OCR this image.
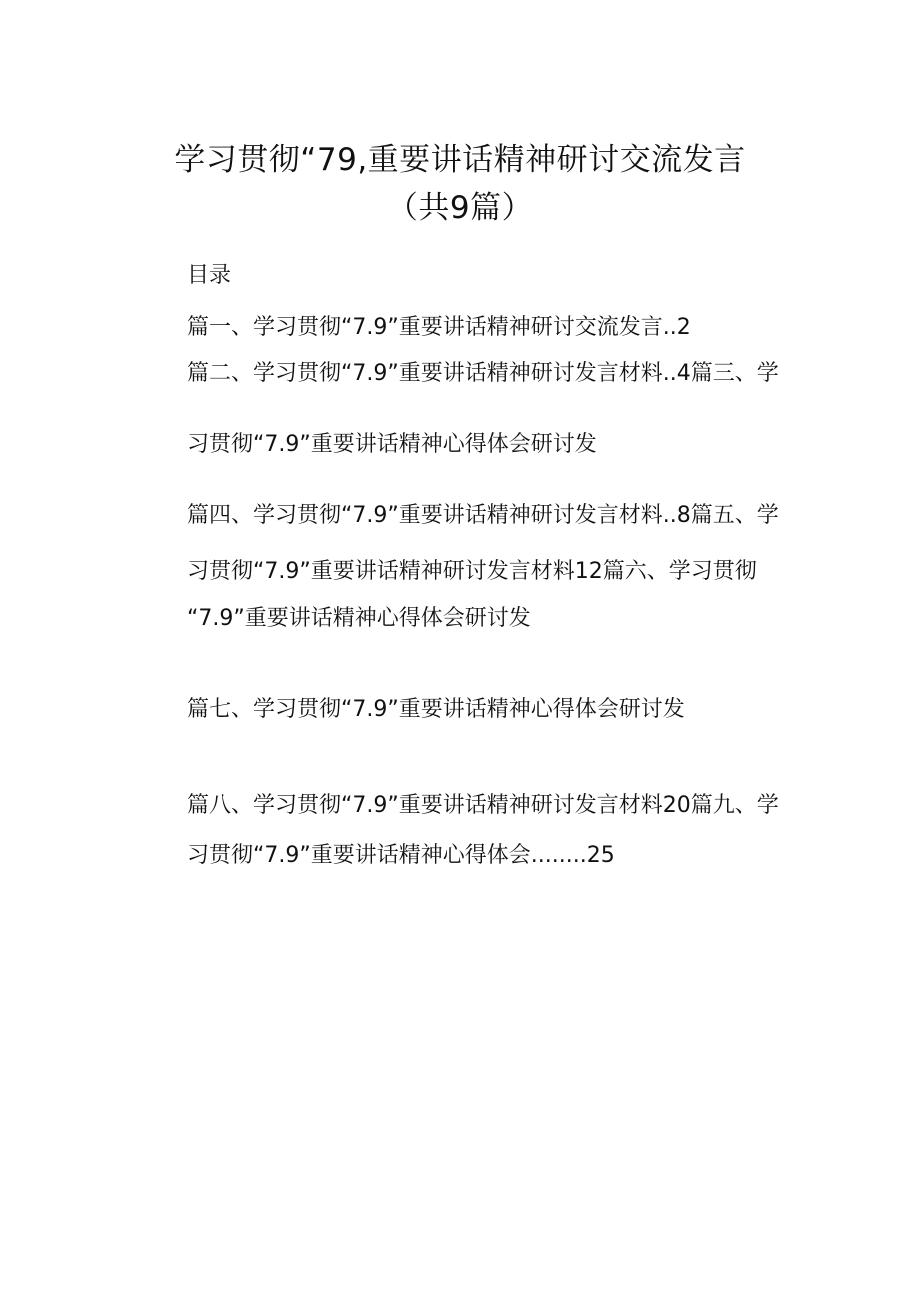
学习贯彻“79,重要讲话精神研讨交流发言
（共9篇）
目录
篇一、学习贯彻“7.9”重要讲话精神研讨交流发言..2
篇二、学习贯彻“7.9”重要讲话精神研讨发言材料..4篇三、学
习贯彻“7.9”重要讲话精神心得体会研讨发
篇四、学习贯彻“7.9”重要讲话精神研讨发言材料..8篇五、学
习贯彻“7.9”重要讲话精神研讨发言材料12篇六、学习贯彻
“7.9”重要讲话精神心得体会研讨发
篇七、学习贯彻“7.9”重要讲话精神心得体会研讨发
篇八、学习贯彻“7.9”重要讲话精神研讨发言材料20篇九、学
习贯彻“7.9”重要讲话精神心得体会........25
